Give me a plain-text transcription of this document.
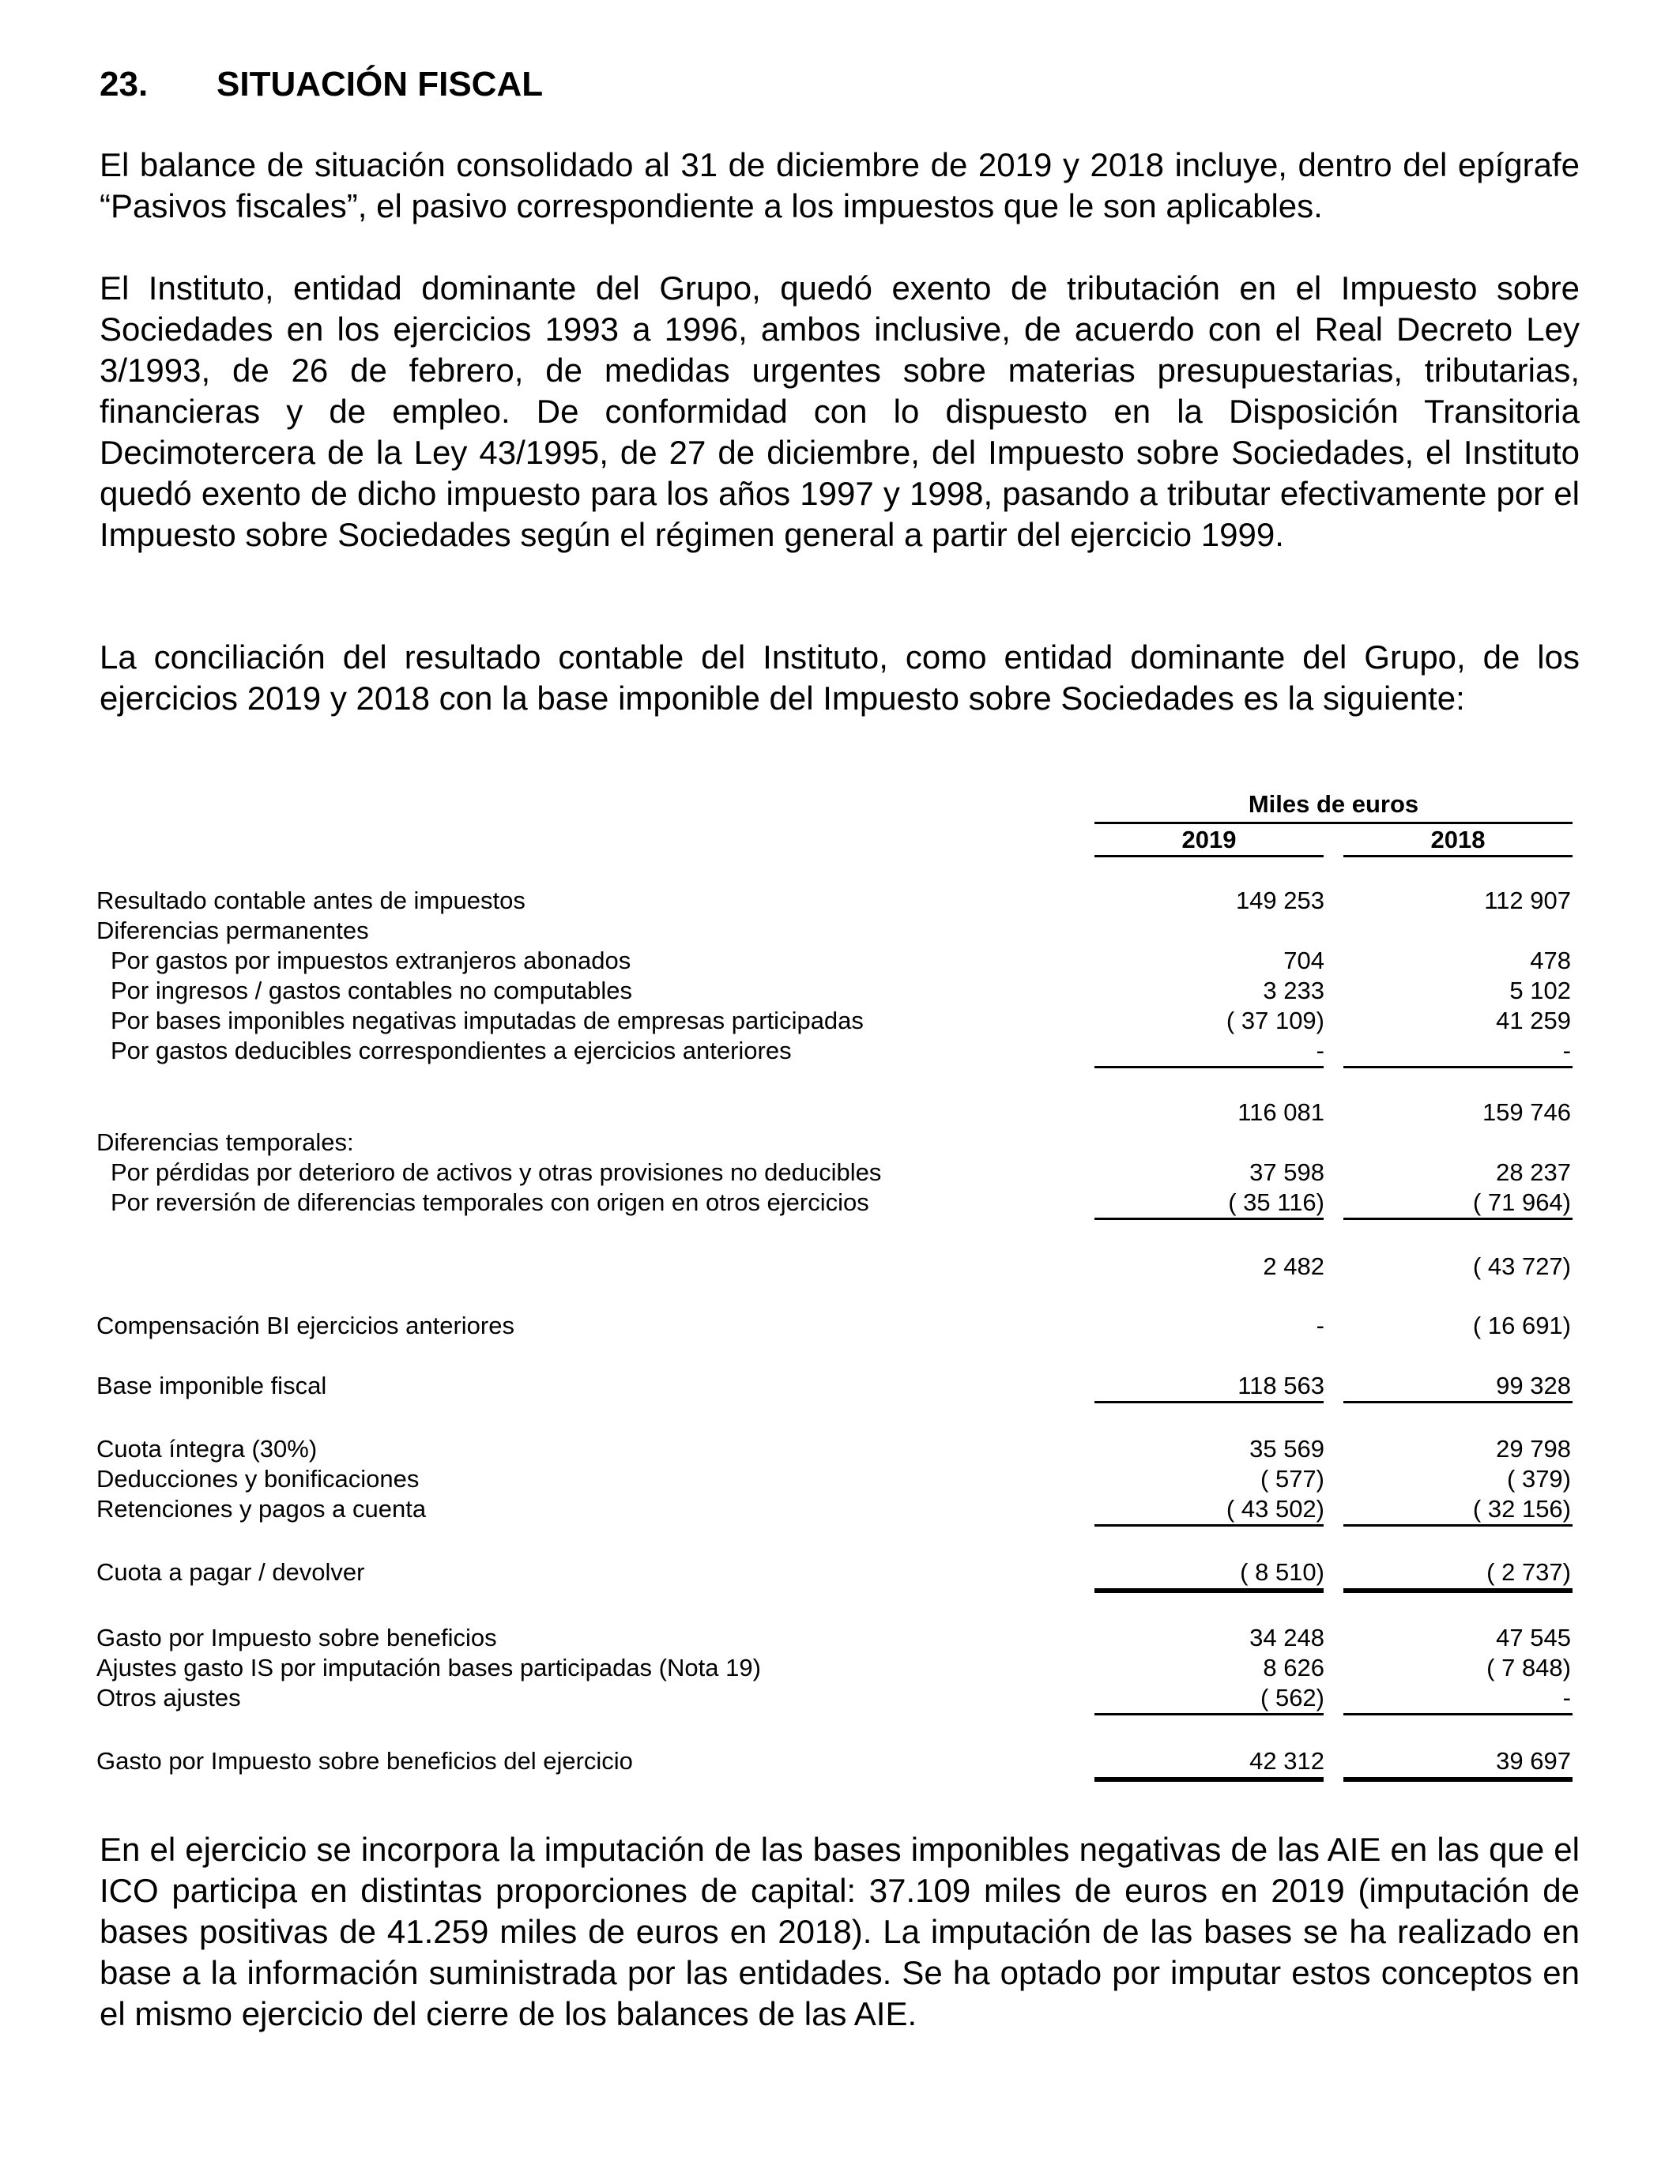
23. SITUACIÓN FISCAL

El balance de situación consolidado al 31 de diciembre de 2019 y 2018 incluye, dentro del epígrafe “Pasivos fiscales”, el pasivo correspondiente a los impuestos que le son aplicables.

El Instituto, entidad dominante del Grupo, quedó exento de tributación en el Impuesto sobre Sociedades en los ejercicios 1993 a 1996, ambos inclusive, de acuerdo con el Real Decreto Ley 3/1993, de 26 de febrero, de medidas urgentes sobre materias presupuestarias, tributarias, financieras y de empleo. De conformidad con lo dispuesto en la Disposición Transitoria Decimotercera de la Ley 43/1995, de 27 de diciembre, del Impuesto sobre Sociedades, el Instituto quedó exento de dicho impuesto para los años 1997 y 1998, pasando a tributar efectivamente por el Impuesto sobre Sociedades según el régimen general a partir del ejercicio 1999.

La conciliación del resultado contable del Instituto, como entidad dominante del Grupo, de los ejercicios 2019 y 2018 con la base imponible del Impuesto sobre Sociedades es la siguiente:

Miles de euros
2019	2018
Resultado contable antes de impuestos	149 253	112 907
Diferencias permanentes
Por gastos por impuestos extranjeros abonados	704	478
Por ingresos / gastos contables no computables	3 233	5 102
Por bases imponibles negativas imputadas de empresas participadas	( 37 109)	41 259
Por gastos deducibles correspondientes a ejercicios anteriores	-	-
116 081	159 746
Diferencias temporales:
Por pérdidas por deterioro de activos y otras provisiones no deducibles	37 598	28 237
Por reversión de diferencias temporales con origen en otros ejercicios	( 35 116)	( 71 964)
2 482	( 43 727)
Compensación BI ejercicios anteriores	-	( 16 691)
Base imponible fiscal	118 563	99 328
Cuota íntegra (30%)	35 569	29 798
Deducciones y bonificaciones	( 577)	( 379)
Retenciones y pagos a cuenta	( 43 502)	( 32 156)
Cuota a pagar / devolver	( 8 510)	( 2 737)
Gasto por Impuesto sobre beneficios	34 248	47 545
Ajustes gasto IS por imputación bases participadas (Nota 19)	8 626	( 7 848)
Otros ajustes	( 562)	-
Gasto por Impuesto sobre beneficios del ejercicio	42 312	39 697

En el ejercicio se incorpora la imputación de las bases imponibles negativas de las AIE en las que el ICO participa en distintas proporciones de capital: 37.109 miles de euros en 2019 (imputación de bases positivas de 41.259 miles de euros en 2018). La imputación de las bases se ha realizado en base a la información suministrada por las entidades. Se ha optado por imputar estos conceptos en el mismo ejercicio del cierre de los balances de las AIE.
